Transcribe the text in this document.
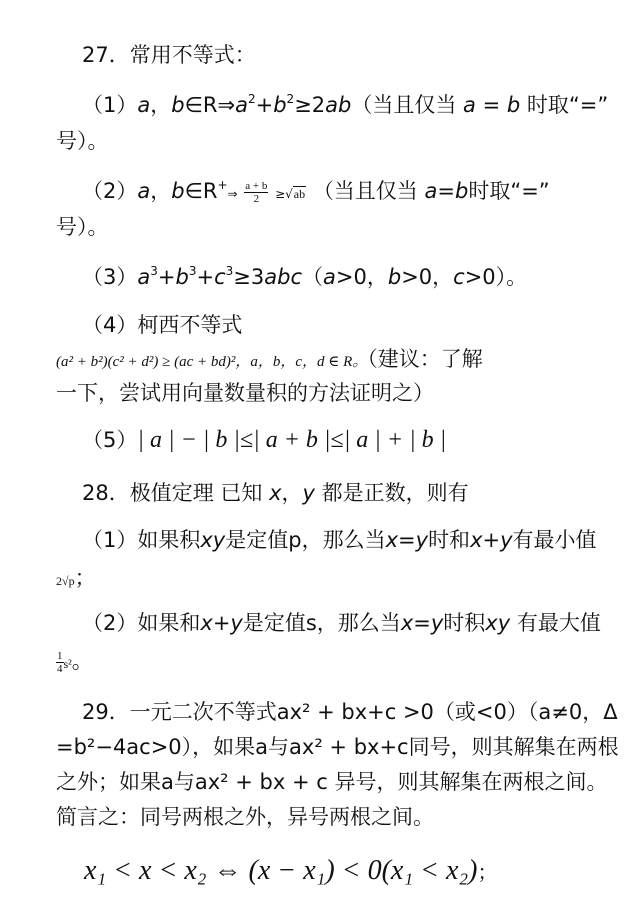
27．常用不等式：
（1）a，$b\in R\Rightarrow a^2+b^2\ge 2ab$（当且仅当 a = b 时取“=”
号）。
（2）a，b∈R+⇒ $\frac{a + b}{2} \ge√ab$ （当且仅当 a=b时取“=”
号）。
$(3)a^3+b^3+c^3\ge 3abc(a>0$，b>0，c>0）。
（4）柯西不等式
(a² + b²)(c² + d²) ≥ (ac + bd)²，a，b，c，d ∈ R。（建议：了解
一下，尝试用向量数量积的方法证明之）
（5）| a | − | b |≤| a + b |≤| a | + | b |
28．极值定理 已知 x，y 都是正数，则有
（1）如果积xy是定值p，那么当x=y时和x+y有最小值
2√p；
（2）如果和x+y是定值s，那么当x=y时积xy 有最大值
$\frac{1}{4} s^2$。
29．一元二次不等式ax² + bx+c >0（或<0）（a≠0，Δ
=b²−4ac>0），如果a与ax² + bx+c同号，则其解集在两根
之外；如果a与ax² + bx + c 异号，则其解集在两根之间。
简言之：同号两根之外，异号两根之间。
x₁ < x < x₂ ⇔ (x − x₁) < 0(x₁ < x₂)；
